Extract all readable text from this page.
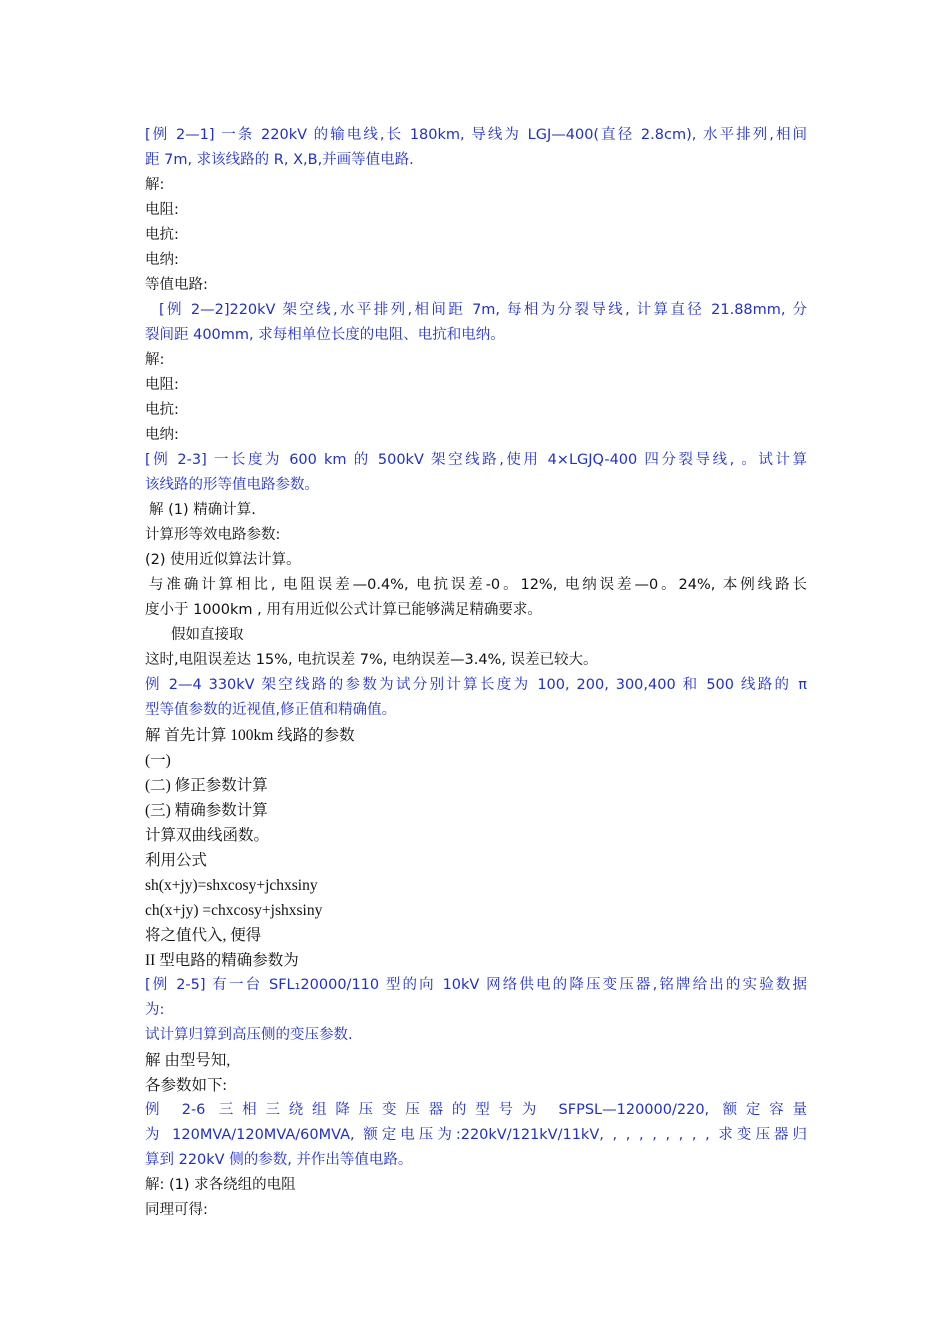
[例 2—1] 一条 220kV 的输电线,长 180km, 导线为 LGJ—400(直径 2.8cm), 水平排列,相间
距 7m, 求该线路的 R, X,B,并画等值电路.
解:
电阻:
电抗:
电纳:
等值电路:
[例 2—2]220kV 架空线,水平排列,相间距 7m, 每相为分裂导线, 计算直径 21.88mm, 分
裂间距 400mm, 求每相单位长度的电阻、电抗和电纳。
解:
电阻:
电抗:
电纳:
[例 2-3] 一长度为 600 km 的 500kV 架空线路,使用 4×LGJQ-400 四分裂导线, 。试计算
该线路的形等值电路参数。
解 (1) 精确计算.
计算形等效电路参数:
(2) 使用近似算法计算。
与准确计算相比, 电阻误差—0.4%, 电抗误差-0。12%, 电纳误差—0。24%, 本例线路长
度小于 1000km , 用有用近似公式计算已能够满足精确要求。
假如直接取
这时,电阻误差达 15%, 电抗误差 7%, 电纳误差—3.4%, 误差已较大。
例 2—4 330kV 架空线路的参数为试分别计算长度为 100, 200, 300,400 和 500 线路的 π
型等值参数的近视值,修正值和精确值。
解 首先计算 100km 线路的参数
(一)
(二) 修正参数计算
(三) 精确参数计算
计算双曲线函数。
利用公式
sh(x+jy)=shxcosy+jchxsiny
ch(x+jy) =chxcosy+jshxsiny
将之值代入, 便得
II 型电路的精确参数为
[例 2-5] 有一台 SFL₁20000/110 型的向 10kV 网络供电的降压变压器,铭牌给出的实验数据
为:
试计算归算到高压侧的变压参数.
解 由型号知,
各参数如下:
例 2-6 三相三绕组降压变压器的型号为 SFPSL—120000/220, 额定容量
为 120MVA/120MVA/60MVA, 额定电压为:220kV/121kV/11kV, , , , , , , , , 求变压器归
算到 220kV 侧的参数, 并作出等值电路。
解: (1) 求各绕组的电阻
同理可得:
